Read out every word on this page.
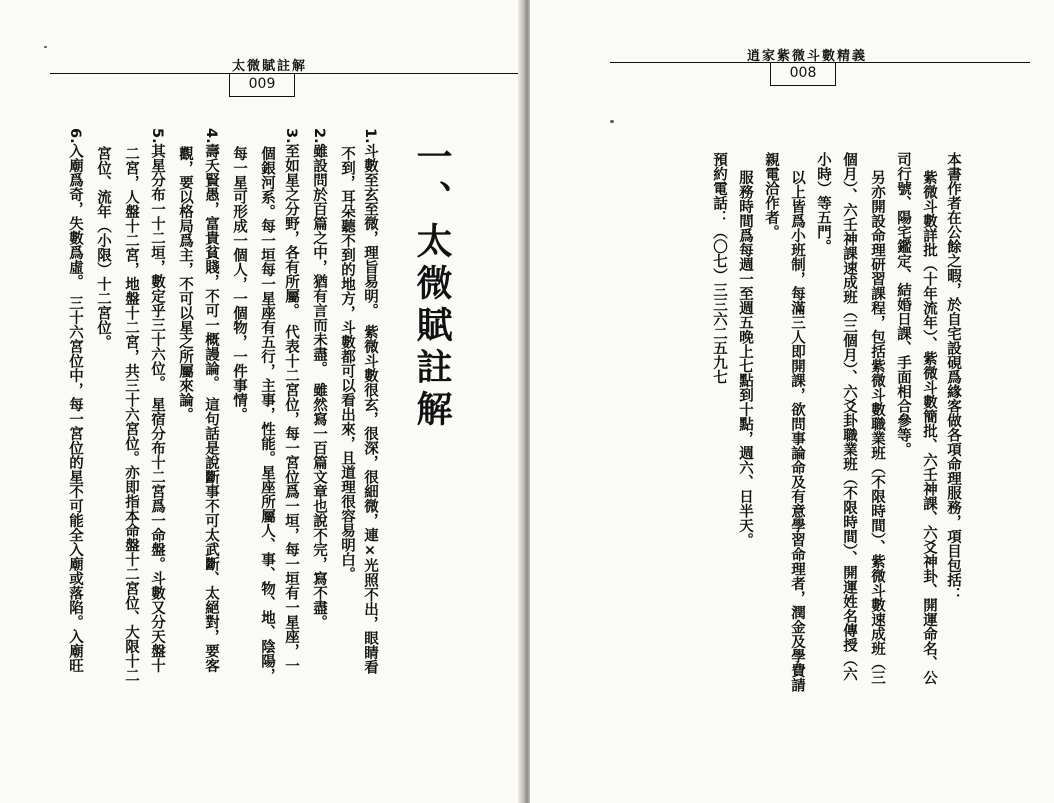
太微賦註解
009
一、太微賦註解
1.斗數至玄至微，理旨易明。　紫微斗數很玄，很深，很細微，連×光照不出，眼睛看
不到，耳朵聽不到的地方，斗數都可以看出來，且道理很容易明白。
2.雖設問於百篇之中，猶有言而未盡。　雖然寫一百篇文章也說不完，寫不盡。
3.至如星之分野，各有所屬。　代表十二宮位，每一宮位爲一垣，每一垣有一星座，一
個銀河系。每一垣每一星座有五行，主事，性能。星座所屬人、事、物、地、陰陽，
每一星可形成一個人，一個物，一件事情。
4.壽夭賢愚，富貴貧賤，不可一概謾論。　這句話是說斷事不可太武斷、太絕對，要客
觀，要以格局爲主，不可以星之所屬來論。
5.其星分布一十二垣，數定乎三十六位。　星宿分布十二宮爲一命盤。斗數又分天盤十
二宮，人盤十二宮，地盤十二宮，共三十六宮位。亦即指本命盤十二宮位、大限十二
宮位、流年（小限）十二宮位。
6.入廟爲奇，失數爲虛。　三十六宮位中，每一宮位的星不可能全入廟或落陷。入廟旺
逍家紫微斗數精義
008
本書作者在公餘之暇，於自宅設硯爲緣客做各項命理服務，項目包括：
紫微斗數詳批（十年流年）、紫微斗數簡批、六壬神課、六爻神卦、開運命名、公
司行號、陽宅鑑定、結婚日課、手面相合參等。
另亦開設命理研習課程，包括紫微斗數職業班（不限時間）、紫微斗數速成班（三
個月）、六壬神課速成班（三個月）、六爻卦職業班（不限時間）、開運姓名傳授（六
小時）等五門。
以上皆爲小班制，每滿三人即開課，欲問事論命及有意學習命理者，潤金及學費請
親電洽作者。
服務時間爲每週一至週五晚上七點到十點，週六、日半天。
預約電話：（〇七）三三六二五九七
